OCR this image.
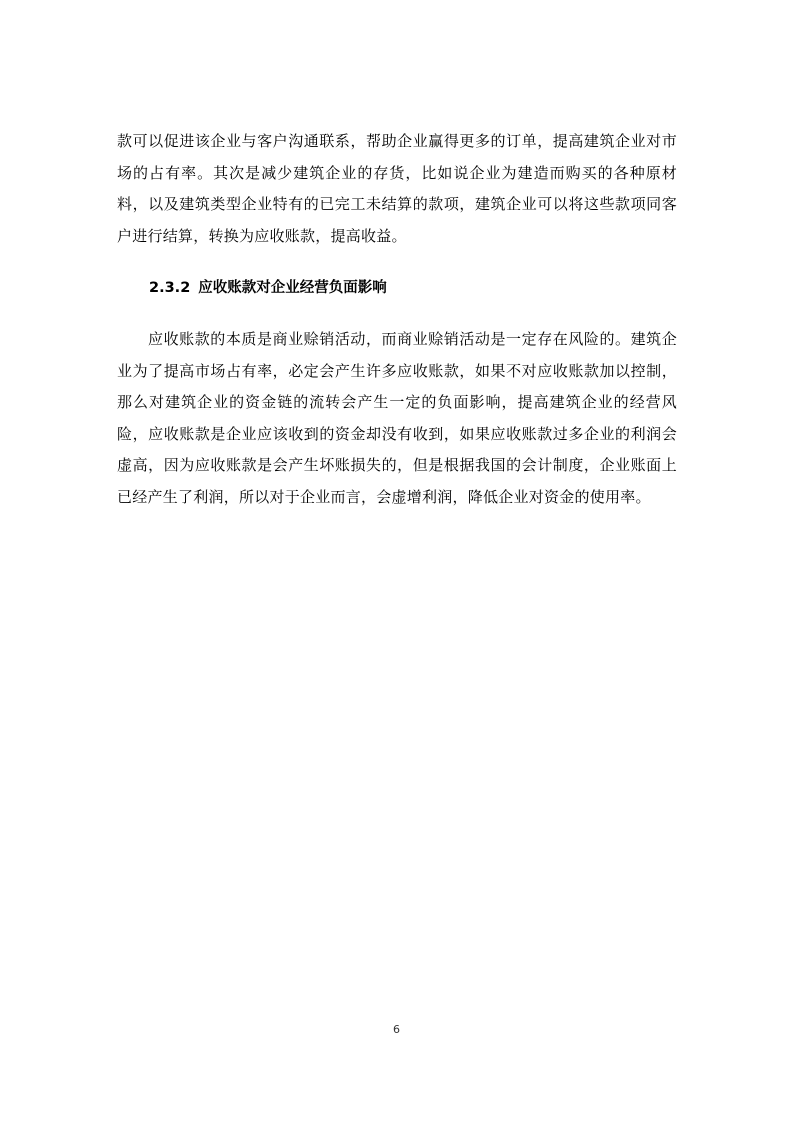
款可以促进该企业与客户沟通联系，帮助企业赢得更多的订单，提高建筑企业对市场的占有率。其次是减少建筑企业的存货，比如说企业为建造而购买的各种原材料，以及建筑类型企业特有的已完工未结算的款项，建筑企业可以将这些款项同客户进行结算，转换为应收账款，提高收益。

2.3.2 应收账款对企业经营负面影响

应收账款的本质是商业赊销活动，而商业赊销活动是一定存在风险的。建筑企业为了提高市场占有率，必定会产生许多应收账款，如果不对应收账款加以控制，那么对建筑企业的资金链的流转会产生一定的负面影响，提高建筑企业的经营风险，应收账款是企业应该收到的资金却没有收到，如果应收账款过多企业的利润会虚高，因为应收账款是会产生坏账损失的，但是根据我国的会计制度，企业账面上已经产生了利润，所以对于企业而言，会虚增利润，降低企业对资金的使用率。

6
